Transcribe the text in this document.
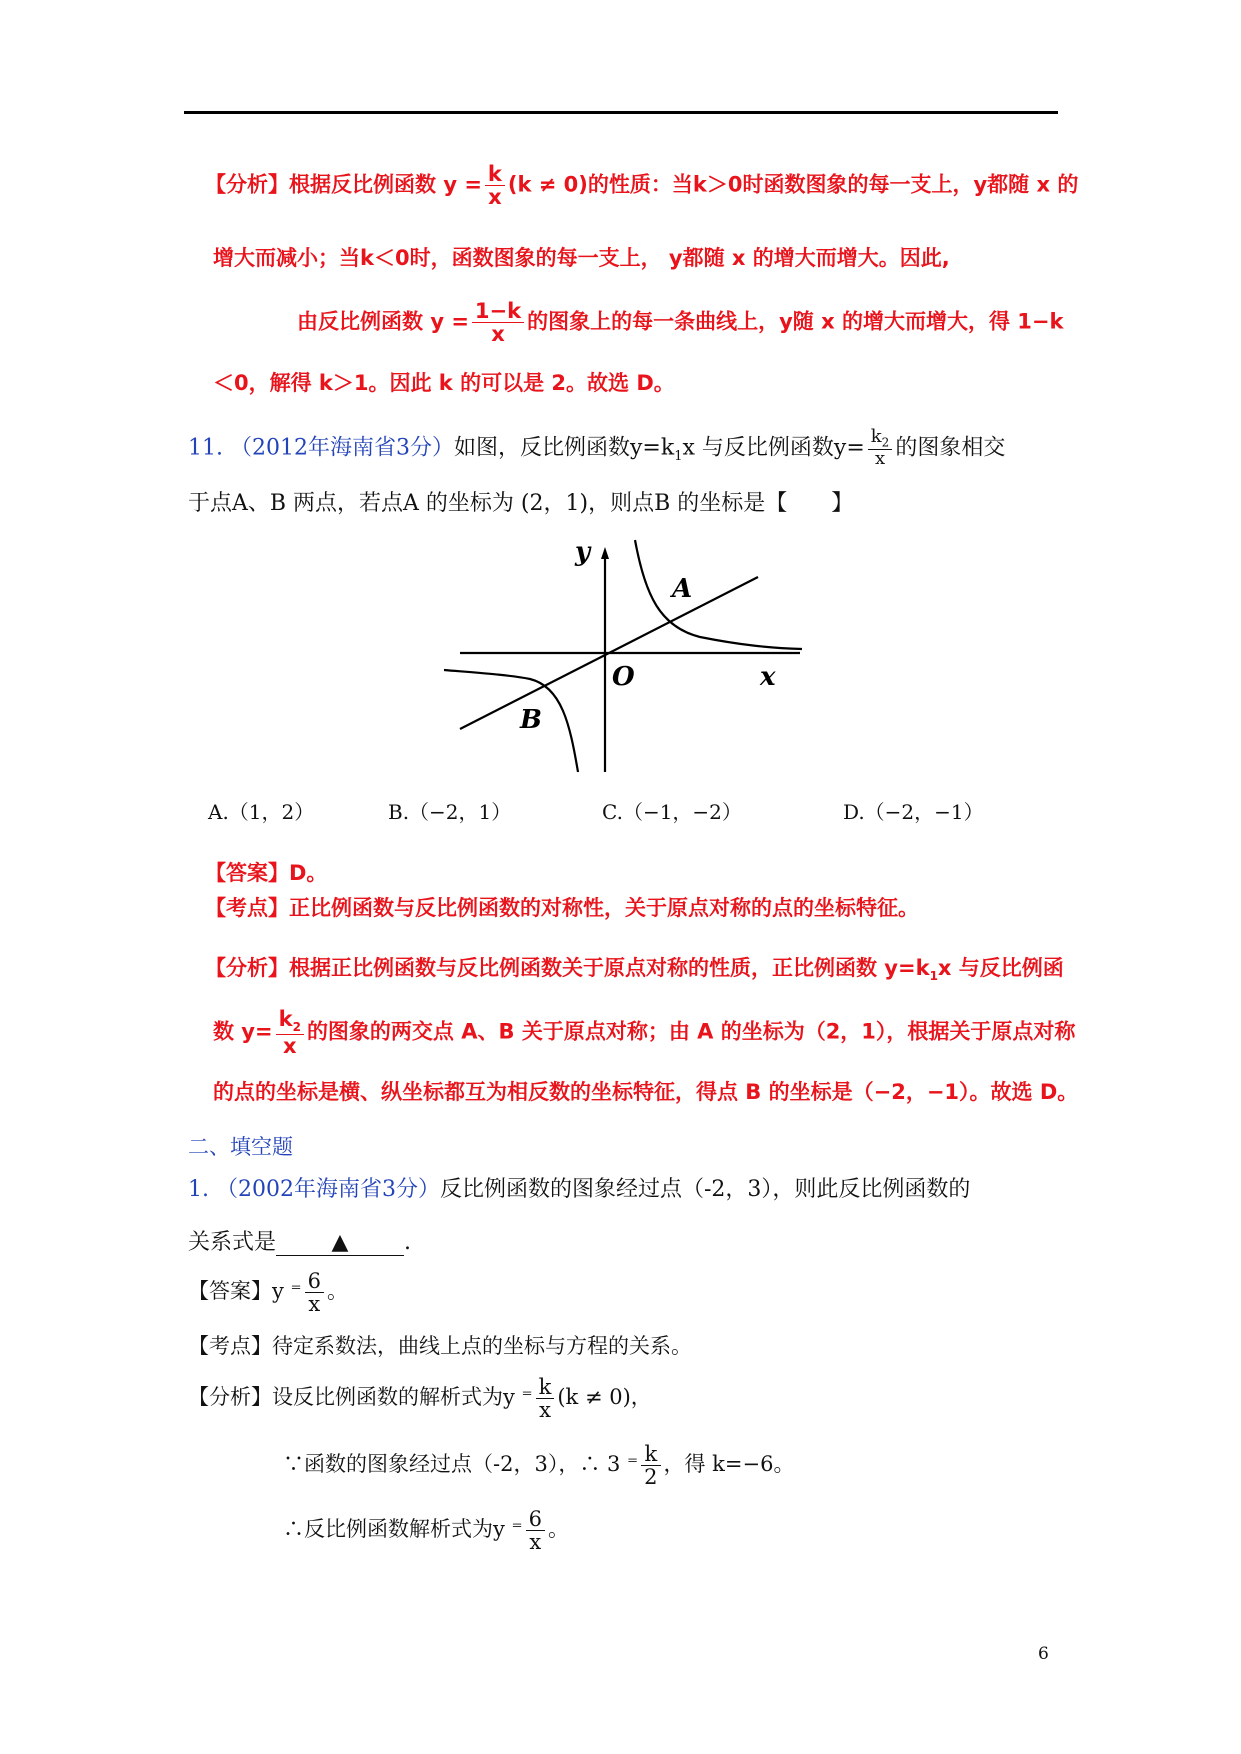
【分析】根据反比例函数 $y = \frac{k}{x} (k \ne 0)$的性质：当k＞0时函数图象的每一支上，y都随 x 的
增大而减小；当k＜0时，函数图象的每一支上， y都随 x 的增大而增大。因此,
由反比例函数 $y = \frac{1-k}{x}$ 的图象上的每一条曲线上，y随 x 的增大而增大，得 1−k
＜0，解得 k＞1。因此 k 的可以是 2。故选 D。
11. （2012年海南省3分）如图，反比例函数$y=k_1x$ 与反比例函数$y= \frac{k_2}{x}$ 的图象相交
于点A、B 两点，若点A 的坐标为 (2，1)，则点B 的坐标是【　　】
y
x
O
A
B
A.（1，2）	B.（−2，1）	C.（−1，−2）	D.（−2，−1）
【答案】D。
【考点】正比例函数与反比例函数的对称性，关于原点对称的点的坐标特征。
【分析】根据正比例函数与反比例函数关于原点对称的性质，正比例函数 $y=k_1x$ 与反比例函
数 $y= \frac{k_2}{x}$ 的图象的两交点 A、B 关于原点对称；由 A 的坐标为（2，1），根据关于原点对称
的点的坐标是横、纵坐标都互为相反数的坐标特征，得点 B 的坐标是（−2，−1）。故选 D。
二、填空题
1. （2002年海南省3分）反比例函数的图象经过点（-2，3），则此反比例函数的
关系式是	▲	.
【答案】y ⁼ $\frac{6}{x}$ 。
【考点】待定系数法，曲线上点的坐标与方程的关系。
【分析】设反比例函数的解析式为y ⁼ $\frac{k}{x} (k \ne 0)$，
∵函数的图象经过点（-2，3），∴ 3 ⁼ $\frac{k}{2}$ ，得 k=−6。
∴反比例函数解析式为y ⁼ $\frac{6}{x}$ 。
6
